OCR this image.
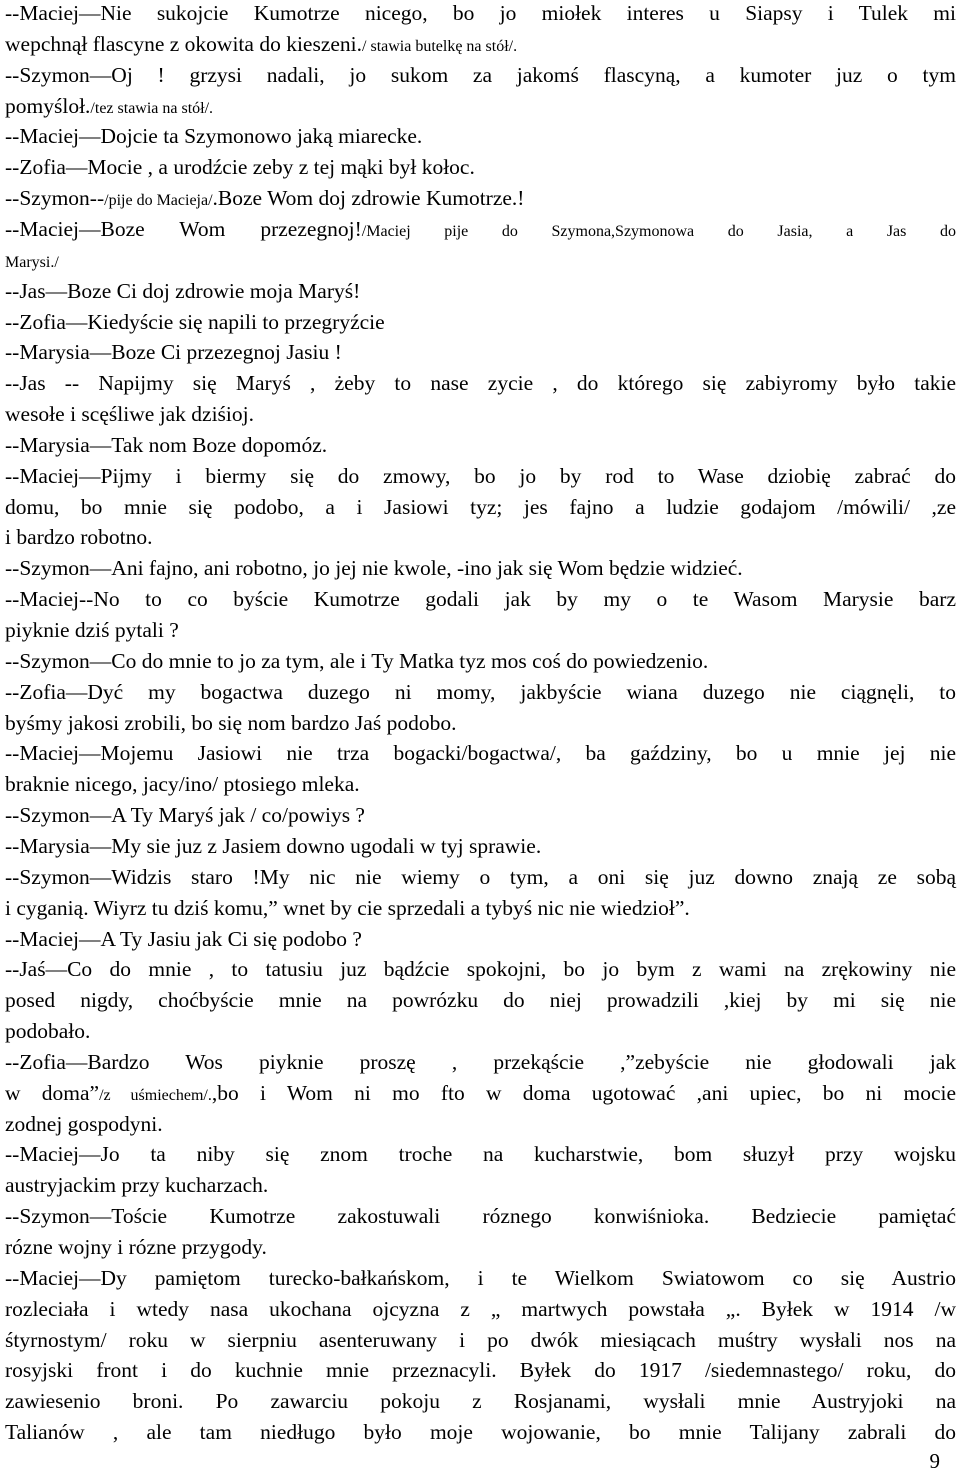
--Maciej—Nie sukojcie Kumotrze nicego, bo jo miołek interes u Siapsy i Tulek mi
wepchnął flascyne z okowita do kieszeni./ stawia butelkę na stół/.
--Szymon—Oj ! grzysi nadali, jo sukom za jakomś flascyną, a kumoter juz o tym
pomyśloł./tez stawia na stół/.
--Maciej—Dojcie ta Szymonowo jaką miarecke.
--Zofia—Mocie , a urodźcie zeby z tej mąki był kołoc.
--Szymon--/pije do Macieja/.Boze Wom doj zdrowie Kumotrze.!
--Maciej—Boze Wom przezegnoj!/Maciej pije do Szymona,Szymonowa do Jasia, a Jas do
Marysi./
--Jas—Boze Ci doj zdrowie moja Maryś!
--Zofia—Kiedyście się napili to przegryźcie
--Marysia—Boze Ci przezegnoj Jasiu !
--Jas -- Napijmy się Maryś , żeby to nase zycie , do którego się zabiyromy było takie
wesołe i scęśliwe jak dziśioj.
--Marysia—Tak nom Boze dopomóz.
--Maciej—Pijmy i biermy się do zmowy, bo jo by rod to Wase dziobię zabrać do
domu, bo mnie się podobo, a i Jasiowi tyz; jes fajno a ludzie godajom /mówili/ ,ze
i bardzo robotno.
--Szymon—Ani fajno, ani robotno, jo jej nie kwole, -ino jak się Wom będzie widzieć.
--Maciej--No to co byście Kumotrze godali jak by my o te Wasom Marysie barz
piyknie dziś pytali ?
--Szymon—Co do mnie to jo za tym, ale i Ty Matka tyz mos coś do powiedzenio.
--Zofia—Dyć my bogactwa duzego ni momy, jakbyście wiana duzego nie ciągnęli, to
byśmy jakosi zrobili, bo się nom bardzo Jaś podobo.
--Maciej—Mojemu Jasiowi nie trza bogacki/bogactwa/, ba gaździny, bo u mnie jej nie
braknie nicego, jacy/ino/ ptosiego mleka.
--Szymon—A Ty Maryś jak / co/powiys ?
--Marysia—My sie juz z Jasiem downo ugodali w tyj sprawie.
--Szymon—Widzis staro !My nic nie wiemy o tym, a oni się juz downo znają ze sobą
i cyganią. Wiyrz tu dziś komu,” wnet by cie sprzedali a tybyś nic nie wiedzioł”.
--Maciej—A Ty Jasiu jak Ci się podobo ?
--Jaś—Co do mnie , to tatusiu juz bądźcie spokojni, bo jo bym z wami na zrękowiny nie
posed nigdy, choćbyście mnie na powrózku do niej prowadzili ,kiej by mi się nie
podobało.
--Zofia—Bardzo Wos piyknie proszę , przekąście ,”zebyście nie głodowali jak
w doma”/z uśmiechem/.,bo i Wom ni mo fto w doma ugotować ,ani upiec, bo ni mocie
zodnej gospodyni.
--Maciej—Jo ta niby się znom troche na kucharstwie, bom słuzył przy wojsku
austryjackim przy kucharzach.
--Szymon—Toście Kumotrze zakostuwali róznego konwiśnioka. Bedziecie pamiętać
rózne wojny i rózne przygody.
--Maciej—Dy pamiętom turecko-bałkańskom, i te Wielkom Swiatowom co się Austrio
rozleciała i wtedy nasa ukochana ojcyzna z „ martwych powstała „. Byłek w 1914 /w
śtyrnostym/ roku w sierpniu asenteruwany i po dwók miesiącach muśtry wysłali nos na
rosyjski front i do kuchnie mnie przeznacyli. Byłek do 1917 /siedemnastego/ roku, do
zawiesenio broni. Po zawarciu pokoju z Rosjanami, wysłali mnie Austryjoki na
Talianów , ale tam niedługo było moje wojowanie, bo mnie Talijany zabrali do
9
